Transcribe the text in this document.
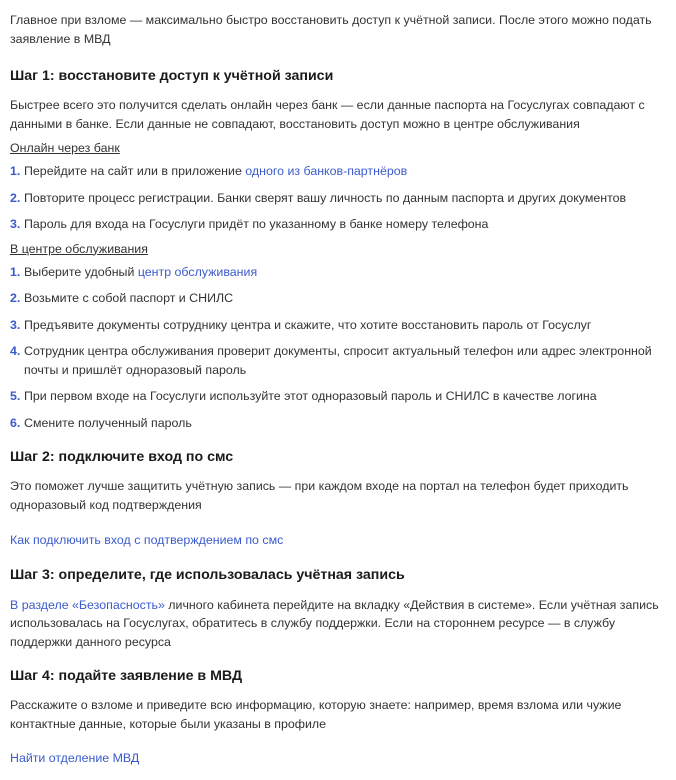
Главное при взломе — максимально быстро восстановить доступ к учётной записи. После этого можно подать заявление в МВД

Шаг 1: восстановите доступ к учётной записи

Быстрее всего это получится сделать онлайн через банк — если данные паспорта на Госуслугах совпадают с данными в банке. Если данные не совпадают, восстановить доступ можно в центре обслуживания

Онлайн через банк
1. Перейдите на сайт или в приложение одного из банков-партнёров
2. Повторите процесс регистрации. Банки сверят вашу личность по данным паспорта и других документов
3. Пароль для входа на Госуслуги придёт по указанному в банке номеру телефона
В центре обслуживания
1. Выберите удобный центр обслуживания
2. Возьмите с собой паспорт и СНИЛС
3. Предъявите документы сотруднику центра и скажите, что хотите восстановить пароль от Госуслуг
4. Сотрудник центра обслуживания проверит документы, спросит актуальный телефон или адрес электронной почты и пришлёт одноразовый пароль
5. При первом входе на Госуслуги используйте этот одноразовый пароль и СНИЛС в качестве логина
6. Смените полученный пароль
Шаг 2: подключите вход по смс

Это поможет лучше защитить учётную запись — при каждом входе на портал на телефон будет приходить одноразовый код подтверждения

Как подключить вход с подтверждением по смс

Шаг 3: определите, где использовалась учётная запись

В разделе «Безопасность» личного кабинета перейдите на вкладку «Действия в системе». Если учётная запись использовалась на Госуслугах, обратитесь в службу поддержки. Если на стороннем ресурсе — в службу поддержки данного ресурса

Шаг 4: подайте заявление в МВД

Расскажите о взломе и приведите всю информацию, которую знаете: например, время взлома или чужие контактные данные, которые были указаны в профиле

Найти отделение МВД
